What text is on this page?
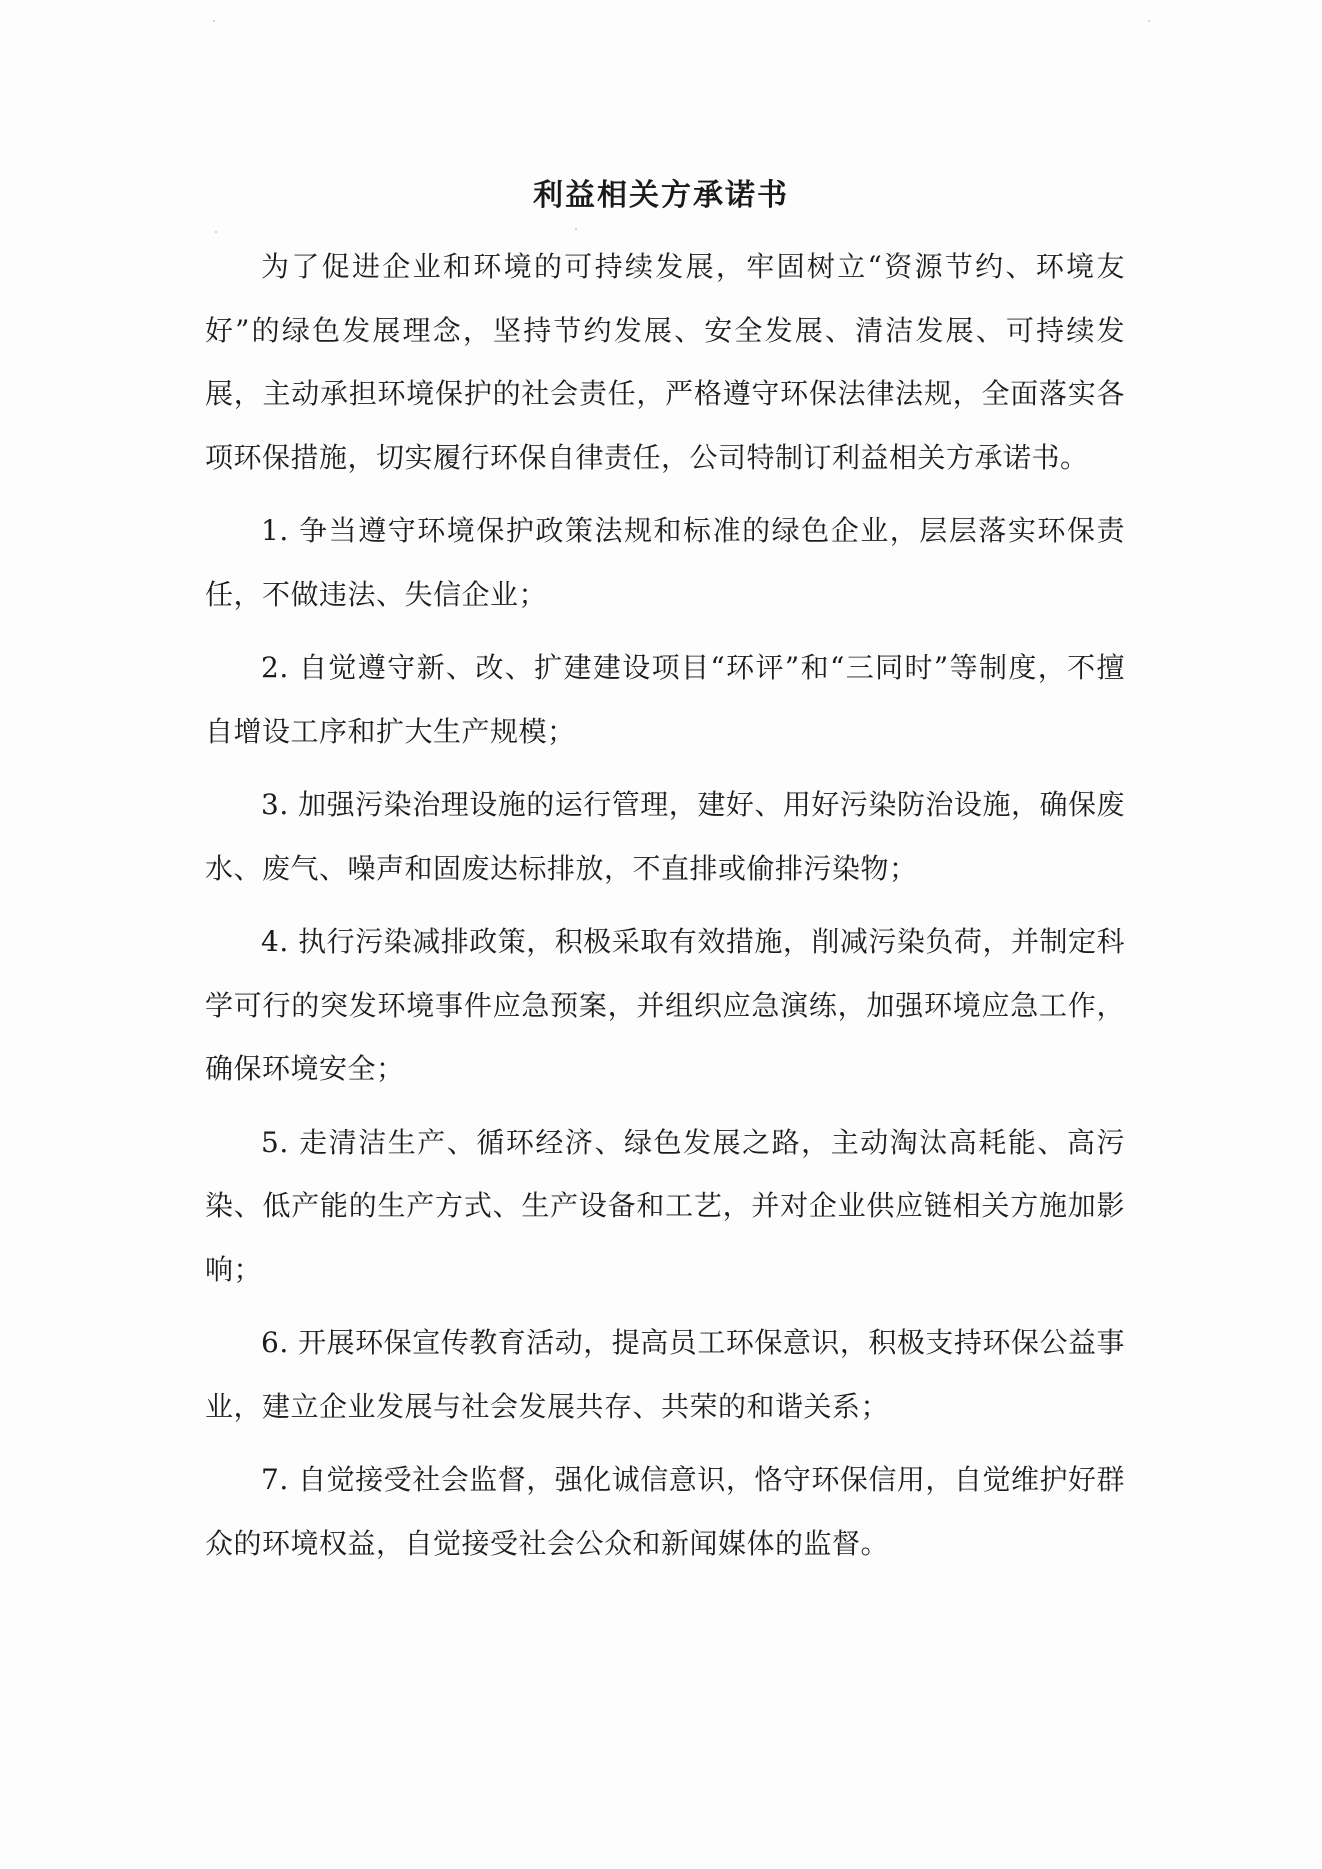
利益相关方承诺书

为了促进企业和环境的可持续发展，牢固树立“资源节约、环境友好”的绿色发展理念，坚持节约发展、安全发展、清洁发展、可持续发展，主动承担环境保护的社会责任，严格遵守环保法律法规，全面落实各项环保措施，切实履行环保自律责任，公司特制订利益相关方承诺书。

1. 争当遵守环境保护政策法规和标准的绿色企业，层层落实环保责任，不做违法、失信企业；

2. 自觉遵守新、改、扩建建设项目“环评”和“三同时”等制度，不擅自增设工序和扩大生产规模；

3. 加强污染治理设施的运行管理，建好、用好污染防治设施，确保废水、废气、噪声和固废达标排放，不直排或偷排污染物；

4. 执行污染减排政策，积极采取有效措施，削减污染负荷，并制定科学可行的突发环境事件应急预案，并组织应急演练，加强环境应急工作，确保环境安全；

5. 走清洁生产、循环经济、绿色发展之路，主动淘汰高耗能、高污染、低产能的生产方式、生产设备和工艺，并对企业供应链相关方施加影响；

6. 开展环保宣传教育活动，提高员工环保意识，积极支持环保公益事业，建立企业发展与社会发展共存、共荣的和谐关系；

7. 自觉接受社会监督，强化诚信意识，恪守环保信用，自觉维护好群众的环境权益，自觉接受社会公众和新闻媒体的监督。
